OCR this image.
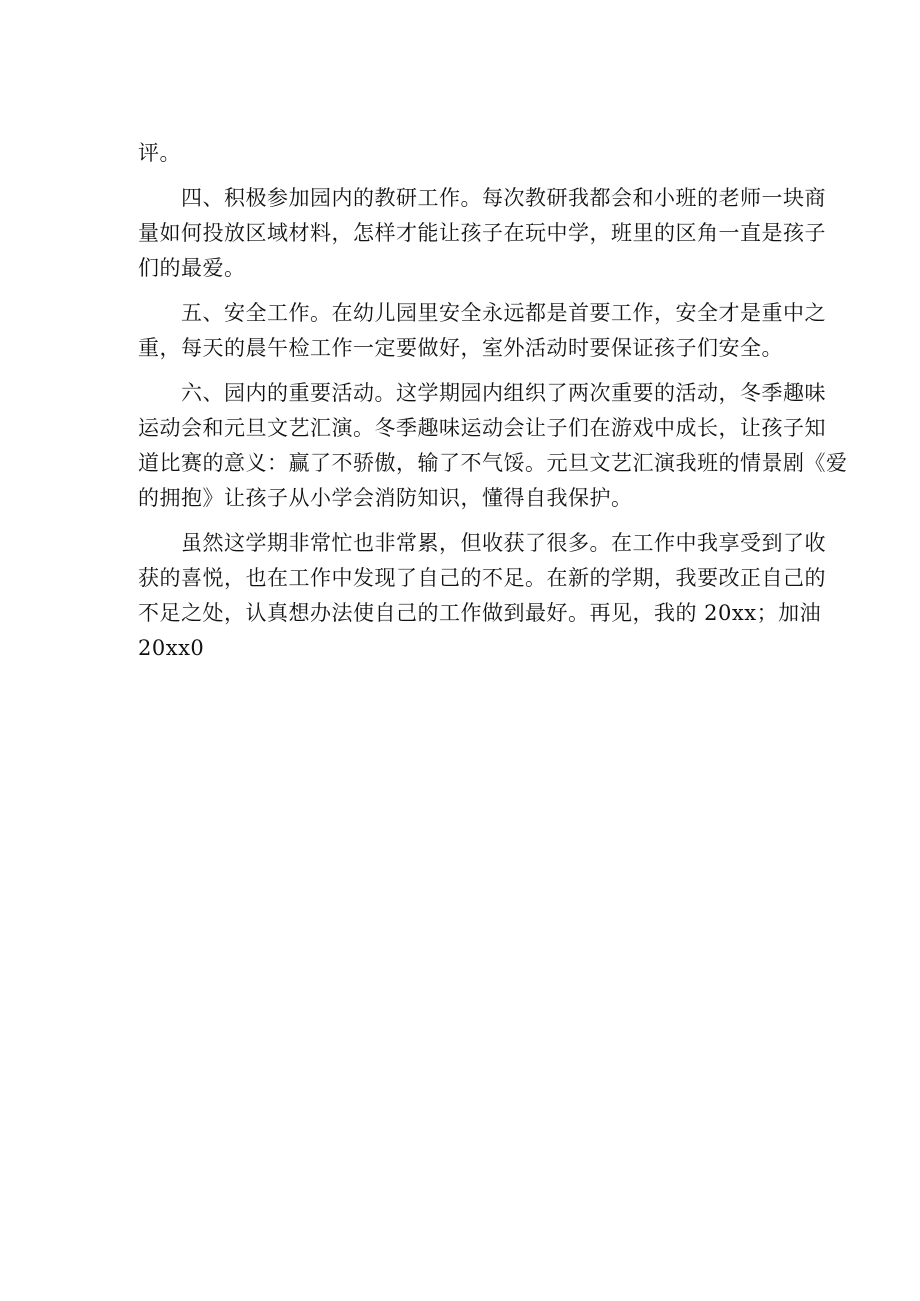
评。

　　四、积极参加园内的教研工作。每次教研我都会和小班的老师一块商
量如何投放区域材料，怎样才能让孩子在玩中学，班里的区角一直是孩子
们的最爱。

　　五、安全工作。在幼儿园里安全永远都是首要工作，安全才是重中之
重，每天的晨午检工作一定要做好，室外活动时要保证孩子们安全。

　　六、园内的重要活动。这学期园内组织了两次重要的活动，冬季趣味
运动会和元旦文艺汇演。冬季趣味运动会让子们在游戏中成长，让孩子知
道比赛的意义：赢了不骄傲，输了不气馁。元旦文艺汇演我班的情景剧《爱
的拥抱》让孩子从小学会消防知识，懂得自我保护。

　　虽然这学期非常忙也非常累，但收获了很多。在工作中我享受到了收
获的喜悦，也在工作中发现了自己的不足。在新的学期，我要改正自己的
不足之处，认真想办法使自己的工作做到最好。再见，我的 20xx；加油
20xx0
